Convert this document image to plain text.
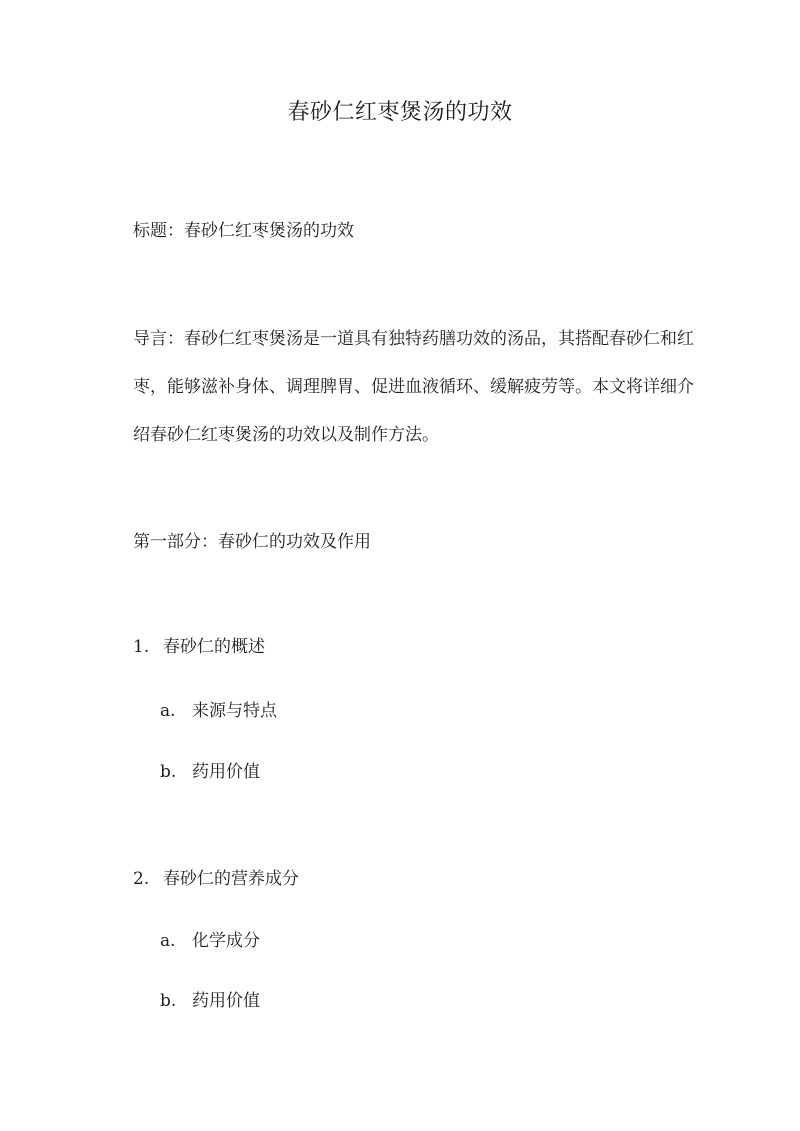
春砂仁红枣煲汤的功效
标题：春砂仁红枣煲汤的功效
导言：春砂仁红枣煲汤是一道具有独特药膳功效的汤品，其搭配春砂仁和红枣，能够滋补身体、调理脾胃、促进血液循环、缓解疲劳等。本文将详细介绍春砂仁红枣煲汤的功效以及制作方法。
第一部分：春砂仁的功效及作用
1. 春砂仁的概述
a. 来源与特点
b. 药用价值
2. 春砂仁的营养成分
a. 化学成分
b. 药用价值
